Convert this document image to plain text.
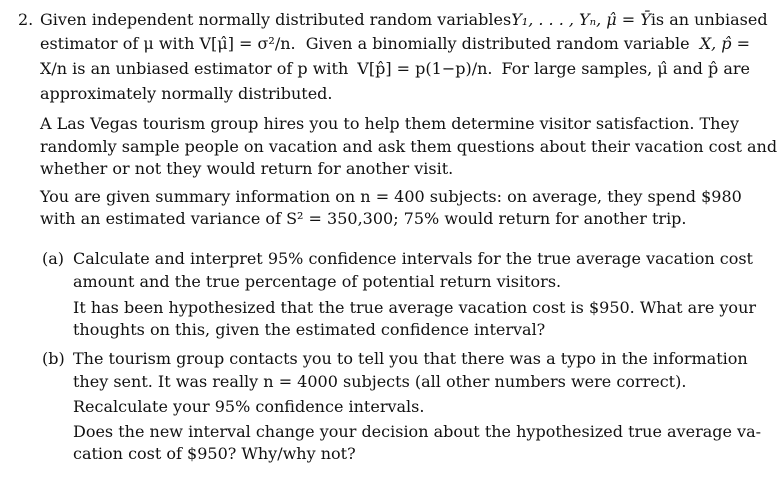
2. Given independent normally distributed random variables Y₁, . . . , Yₙ, μ̂ = Ȳ is an unbiased
estimator of μ with V[μ̂] = σ²/n. Given a binomially distributed random variable X, p̂ =
X/n is an unbiased estimator of p with V[p̂] = p(1−p)/n. For large samples, μ̂ and p̂ are
approximately normally distributed.
A Las Vegas tourism group hires you to help them determine visitor satisfaction. They
randomly sample people on vacation and ask them questions about their vacation cost and
whether or not they would return for another visit.
You are given summary information on n = 400 subjects: on average, they spend $980
with an estimated variance of S² = 350,300; 75% would return for another trip.
(a) Calculate and interpret 95% confidence intervals for the true average vacation cost
amount and the true percentage of potential return visitors.
It has been hypothesized that the true average vacation cost is $950. What are your
thoughts on this, given the estimated confidence interval?
(b) The tourism group contacts you to tell you that there was a typo in the information
they sent. It was really n = 4000 subjects (all other numbers were correct).
Recalculate your 95% confidence intervals.
Does the new interval change your decision about the hypothesized true average va-
cation cost of $950? Why/why not?
